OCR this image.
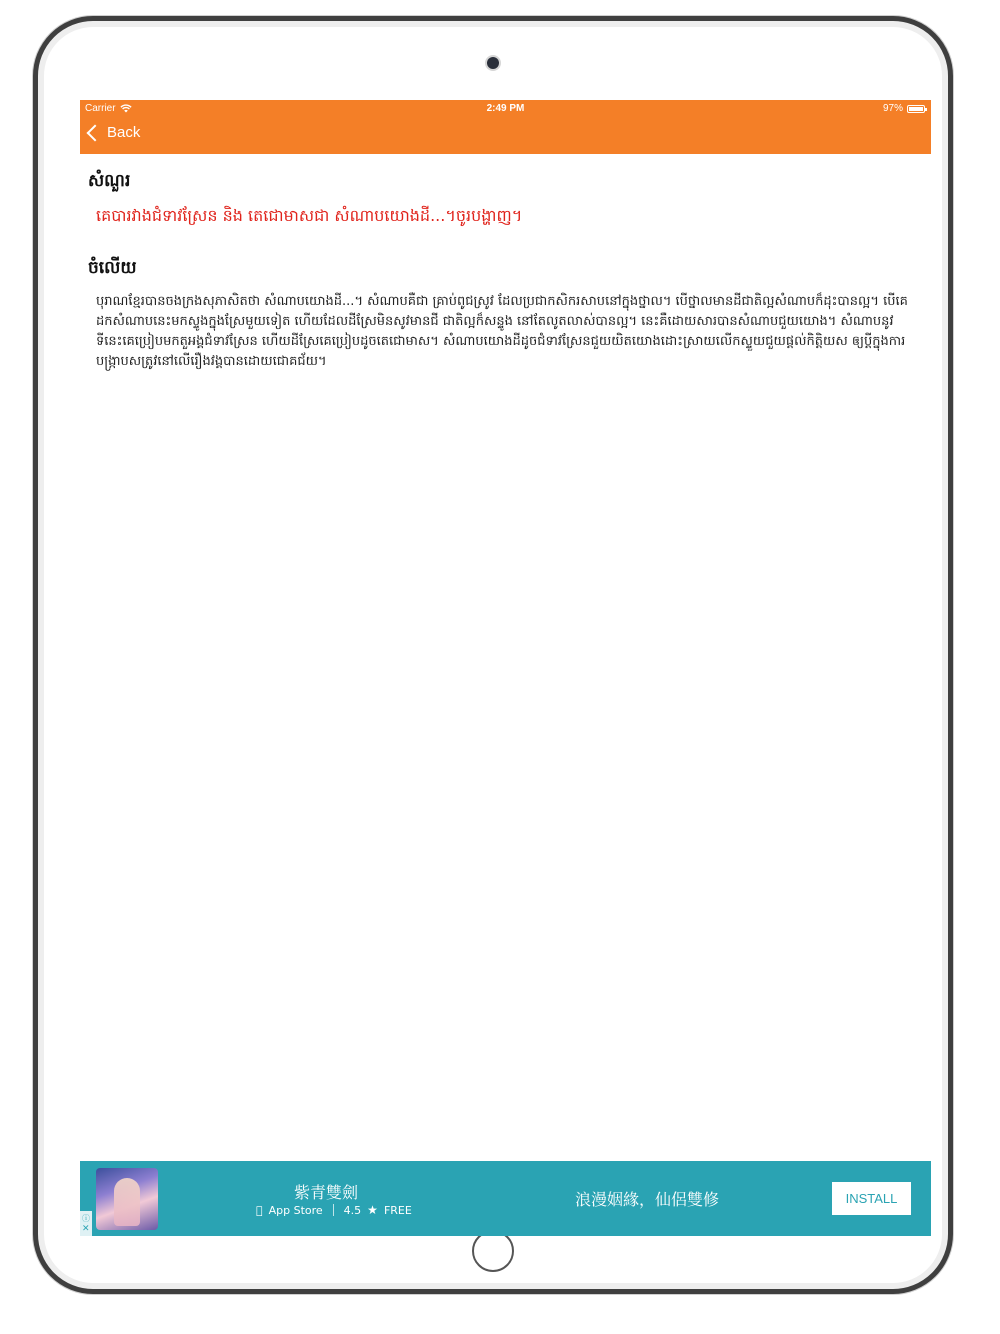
Carrier	2:49 PM	97%
Back
សំណួរ

គេបារវាងជំទាវស្រែន និង តេជោមាសជា សំណាបយោងដី...។ចូរបង្ហាញ។

ចំលើយ

បុរាណខ្មែរបានចងក្រងសុភាសិតថា សំណាបយោងដី...។ សំណាបគឺជា គ្រាប់ពូជស្រូវ ដែលប្រជាកសិករសាបនៅក្នុងថ្នាល។ បើថ្នាលមានដីជាតិល្អសំណាបក៏ដុះបានល្អ។ បើគេដកសំណាបនេះមកស្ទូងក្នុងស្រែមួយទៀត ហើយដែលដីស្រែមិនសូវមានជី ជាតិល្អក៏សន្ទូង នៅតែលូតលាស់បានល្អ។ នេះគឺដោយសារបានសំណាបជួយយោង។ សំណាបនូវទីនេះគេប្រៀបមកតួអង្គជំទាវស្រែន ហើយដីស្រែគេប្រៀបដូចតេជោមាស។ សំណាបយោងដីដូចជំទាវស្រែនជួយយិតយោងដោះស្រាយលើកស្ទួយជួយផ្តល់កិត្តិយស ឲ្យប្តីក្នុងការបង្ក្រាបសត្រូវនៅលើរឿងវង្គបានដោយជោគជ័យ។

紫青雙劍
App Store 4.5 ★ FREE
浪漫姻緣，仙侶雙修	INSTALL
ⓘ
✕
